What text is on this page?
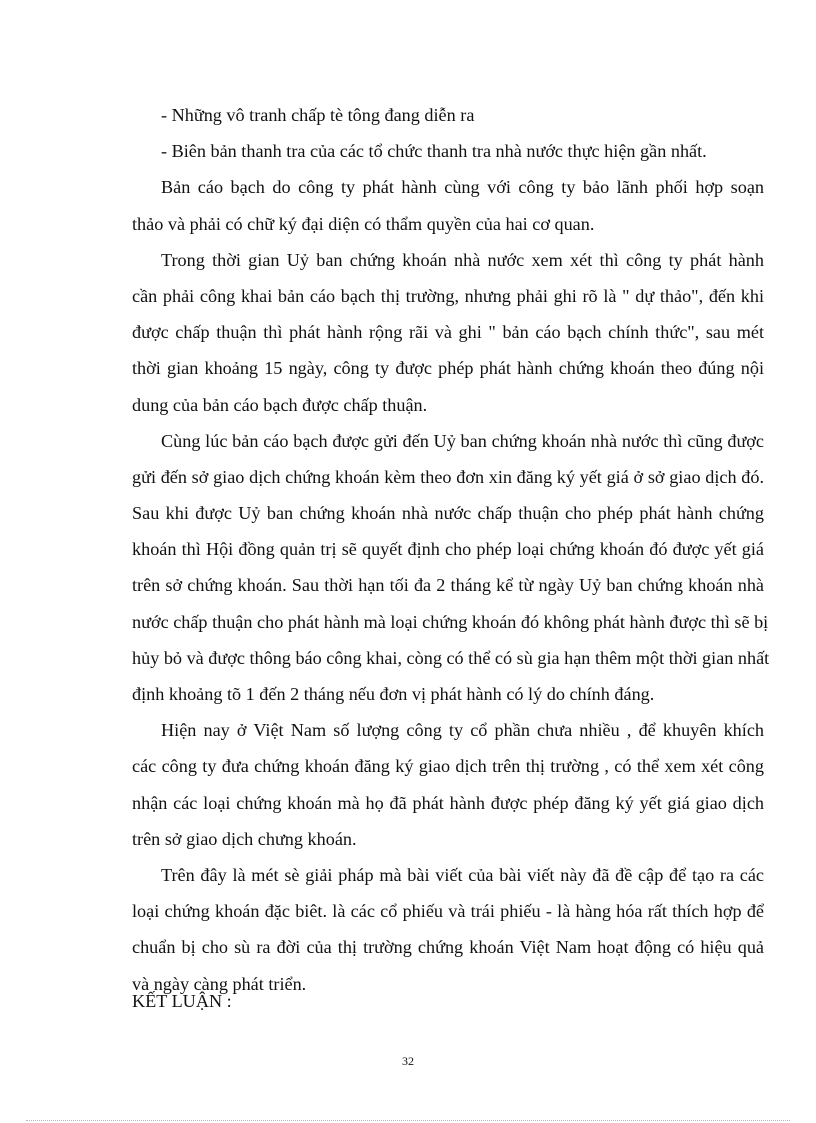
- Những vô tranh chấp tè tông đang diễn ra
- Biên bản thanh tra của các tổ chức thanh tra nhà nước thực hiện gần nhất.
Bản cáo bạch do công ty phát hành cùng với công ty bảo lãnh phối hợp soạn
thảo và phải có chữ ký đại diện có thẩm quyền của hai cơ quan.
Trong thời gian Uỷ ban chứng khoán nhà nước xem xét thì công ty phát hành
cần phải công khai bản cáo bạch thị trường, nhưng phải ghi rõ là " dự thảo", đến khi
được chấp thuận thì phát hành rộng rãi và ghi " bản cáo bạch chính thức", sau mét
thời gian khoảng 15 ngày, công ty được phép phát hành chứng khoán theo đúng nội
dung của bản cáo bạch được chấp thuận.
Cùng lúc bản cáo bạch được gửi đến Uỷ ban chứng khoán nhà nước thì cũng được
gửi đến sở giao dịch chứng khoán kèm theo đơn xin đăng ký yết giá ở sở giao dịch đó.
Sau khi được Uỷ ban chứng khoán nhà nước chấp thuận cho phép phát hành chứng
khoán thì Hội đồng quản trị sẽ quyết định cho phép loại chứng khoán đó được yết giá
trên sở chứng khoán. Sau thời hạn tối đa 2 tháng kể từ ngày Uỷ ban chứng khoán nhà
nước chấp thuận cho phát hành mà loại chứng khoán đó không phát hành được thì sẽ bị
hủy bỏ và được thông báo công khai, còng có thể có sù gia hạn thêm một thời gian nhất
định khoảng tõ 1 đến 2 tháng nếu đơn vị phát hành có lý do chính đáng.
Hiện nay ở Việt Nam số lượng công ty cổ phần chưa nhiều , để khuyên khích
các công ty đưa chứng khoán đăng ký giao dịch trên thị trường , có thể xem xét công
nhận các loại chứng khoán mà họ đã phát hành được phép đăng ký yết giá giao dịch
trên sở giao dịch chưng khoán.
Trên đây là mét sè giải pháp mà bài viết của bài viết này đã đề cập để tạo ra các
loại chứng khoán đặc biêt. là các cổ phiếu và trái phiếu - là hàng hóa rất thích hợp để
chuẩn bị cho sù ra đời của thị trường chứng khoán Việt Nam hoạt động có hiệu quả
và ngày càng phát triển.
KẾT LUẬN :
32
